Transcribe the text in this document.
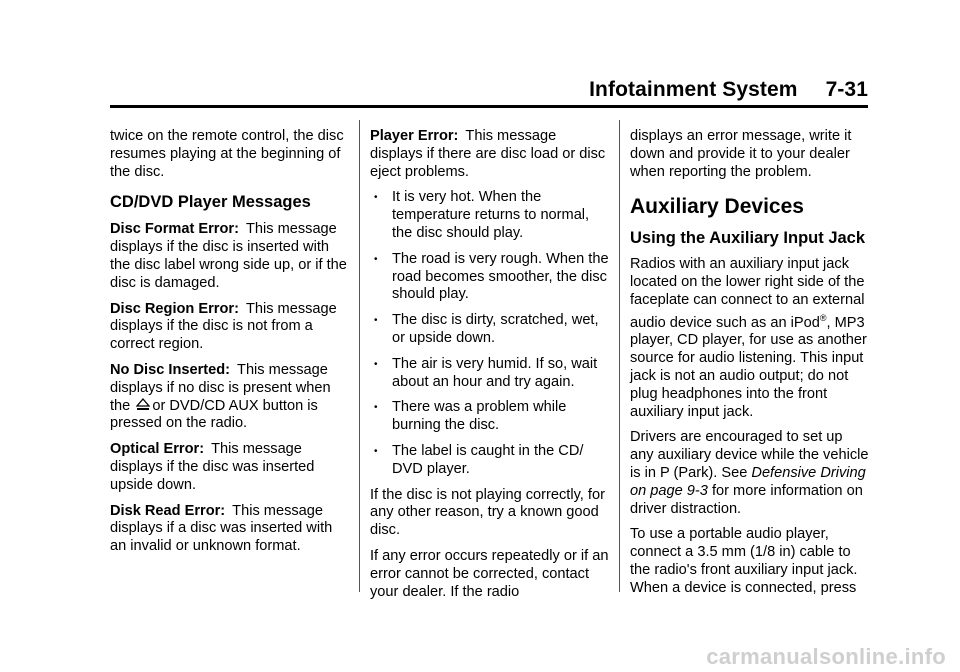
Infotainment System 7-31

twice on the remote control, the disc resumes playing at the beginning of the disc.

CD/DVD Player Messages

Disc Format Error: This message displays if the disc is inserted with the disc label wrong side up, or if the disc is damaged.

Disc Region Error: This message displays if the disc is not from a correct region.

No Disc Inserted: This message displays if no disc is present when the or DVD/CD AUX button is pressed on the radio.

Optical Error: This message displays if the disc was inserted upside down.

Disk Read Error: This message displays if a disc was inserted with an invalid or unknown format.

Player Error: This message displays if there are disc load or disc eject problems.

• It is very hot. When the temperature returns to normal, the disc should play.
• The road is very rough. When the road becomes smoother, the disc should play.
• The disc is dirty, scratched, wet, or upside down.
• The air is very humid. If so, wait about an hour and try again.
• There was a problem while burning the disc.
• The label is caught in the CD/ DVD player.

If the disc is not playing correctly, for any other reason, try a known good disc.

If any error occurs repeatedly or if an error cannot be corrected, contact your dealer. If the radio

displays an error message, write it down and provide it to your dealer when reporting the problem.

Auxiliary Devices
Using the Auxiliary Input Jack

Radios with an auxiliary input jack located on the lower right side of the faceplate can connect to an external audio device such as an iPod®, MP3 player, CD player, for use as another source for audio listening. This input jack is not an audio output; do not plug headphones into the front auxiliary input jack.

Drivers are encouraged to set up any auxiliary device while the vehicle is in P (Park). See Defensive Driving on page 9-3 for more information on driver distraction.

To use a portable audio player, connect a 3.5 mm (1/8 in) cable to the radio's front auxiliary input jack. When a device is connected, press

carmanualsonline.info
